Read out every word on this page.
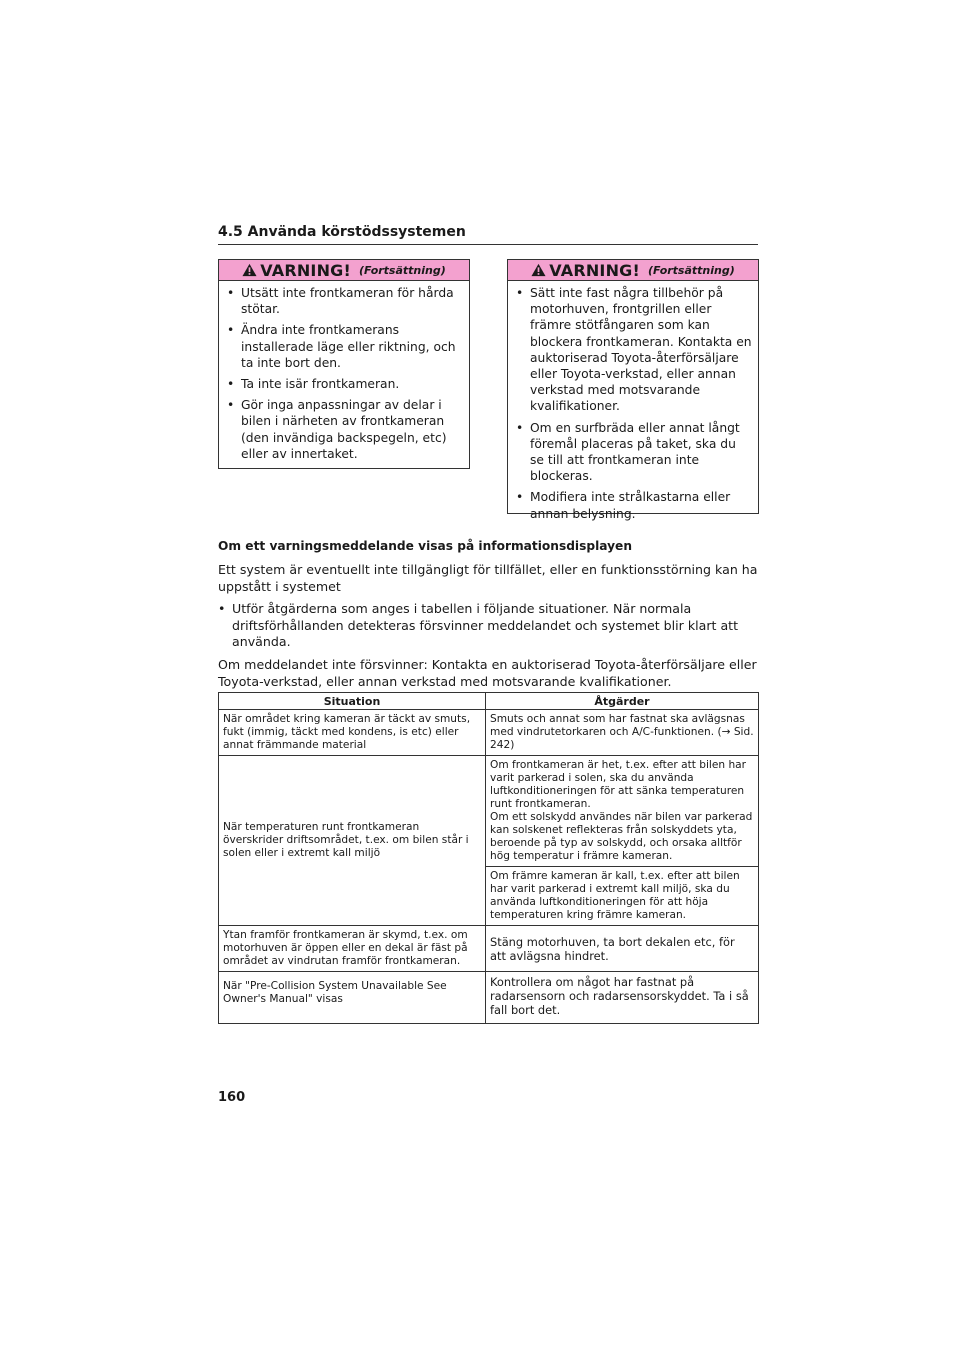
4.5 Använda körstödssystemen
VARNING! (Fortsättning)
• Utsätt inte frontkameran för hårda stötar.
• Ändra inte frontkamerans installerade läge eller riktning, och ta inte bort den.
• Ta inte isär frontkameran.
• Gör inga anpassningar av delar i bilen i närheten av frontkameran (den invändiga backspegeln, etc) eller av innertaket.
VARNING! (Fortsättning)
• Sätt inte fast några tillbehör på motorhuven, frontgrillen eller främre stötfångaren som kan blockera frontkameran. Kontakta en auktoriserad Toyota-återförsäljare eller Toyota-verkstad, eller annan verkstad med motsvarande kvalifikationer.
• Om en surfbräda eller annat långt föremål placeras på taket, ska du se till att frontkameran inte blockeras.
• Modifiera inte strålkastarna eller annan belysning.
Om ett varningsmeddelande visas på informationsdisplayen
Ett system är eventuellt inte tillgängligt för tillfället, eller en funktionsstörning kan ha uppstått i systemet
• Utför åtgärderna som anges i tabellen i följande situationer. När normala driftsförhållanden detekteras försvinner meddelandet och systemet blir klart att använda.
Om meddelandet inte försvinner: Kontakta en auktoriserad Toyota-återförsäljare eller Toyota-verkstad, eller annan verkstad med motsvarande kvalifikationer.
Situation	Åtgärder
När området kring kameran är täckt av smuts, fukt (immig, täckt med kondens, is etc) eller annat främmande material	Smuts och annat som har fastnat ska avlägsnas med vindrutetorkaren och A/C-funktionen. (→ Sid. 242)
När temperaturen runt frontkameran överskrider driftsområdet, t.ex. om bilen står i solen eller i extremt kall miljö	Om frontkameran är het, t.ex. efter att bilen har varit parkerad i solen, ska du använda luftkonditioneringen för att sänka temperaturen runt frontkameran.
Om ett solskydd användes när bilen var parkerad kan solskenet reflekteras från solskyddets yta, beroende på typ av solskydd, och orsaka alltför hög temperatur i främre kameran.

	Om främre kameran är kall, t.ex. efter att bilen har varit parkerad i extremt kall miljö, ska du använda luftkonditioneringen för att höja temperaturen kring främre kameran.
Ytan framför frontkameran är skymd, t.ex. om motorhuven är öppen eller en dekal är fäst på området av vindrutan framför frontkameran.	Stäng motorhuven, ta bort dekalen etc, för att avlägsna hindret.
När "Pre-Collision System Unavailable See Owner's Manual" visas	Kontrollera om något har fastnat på radarsensorn och radarsensorskyddet. Ta i så fall bort det.
160
